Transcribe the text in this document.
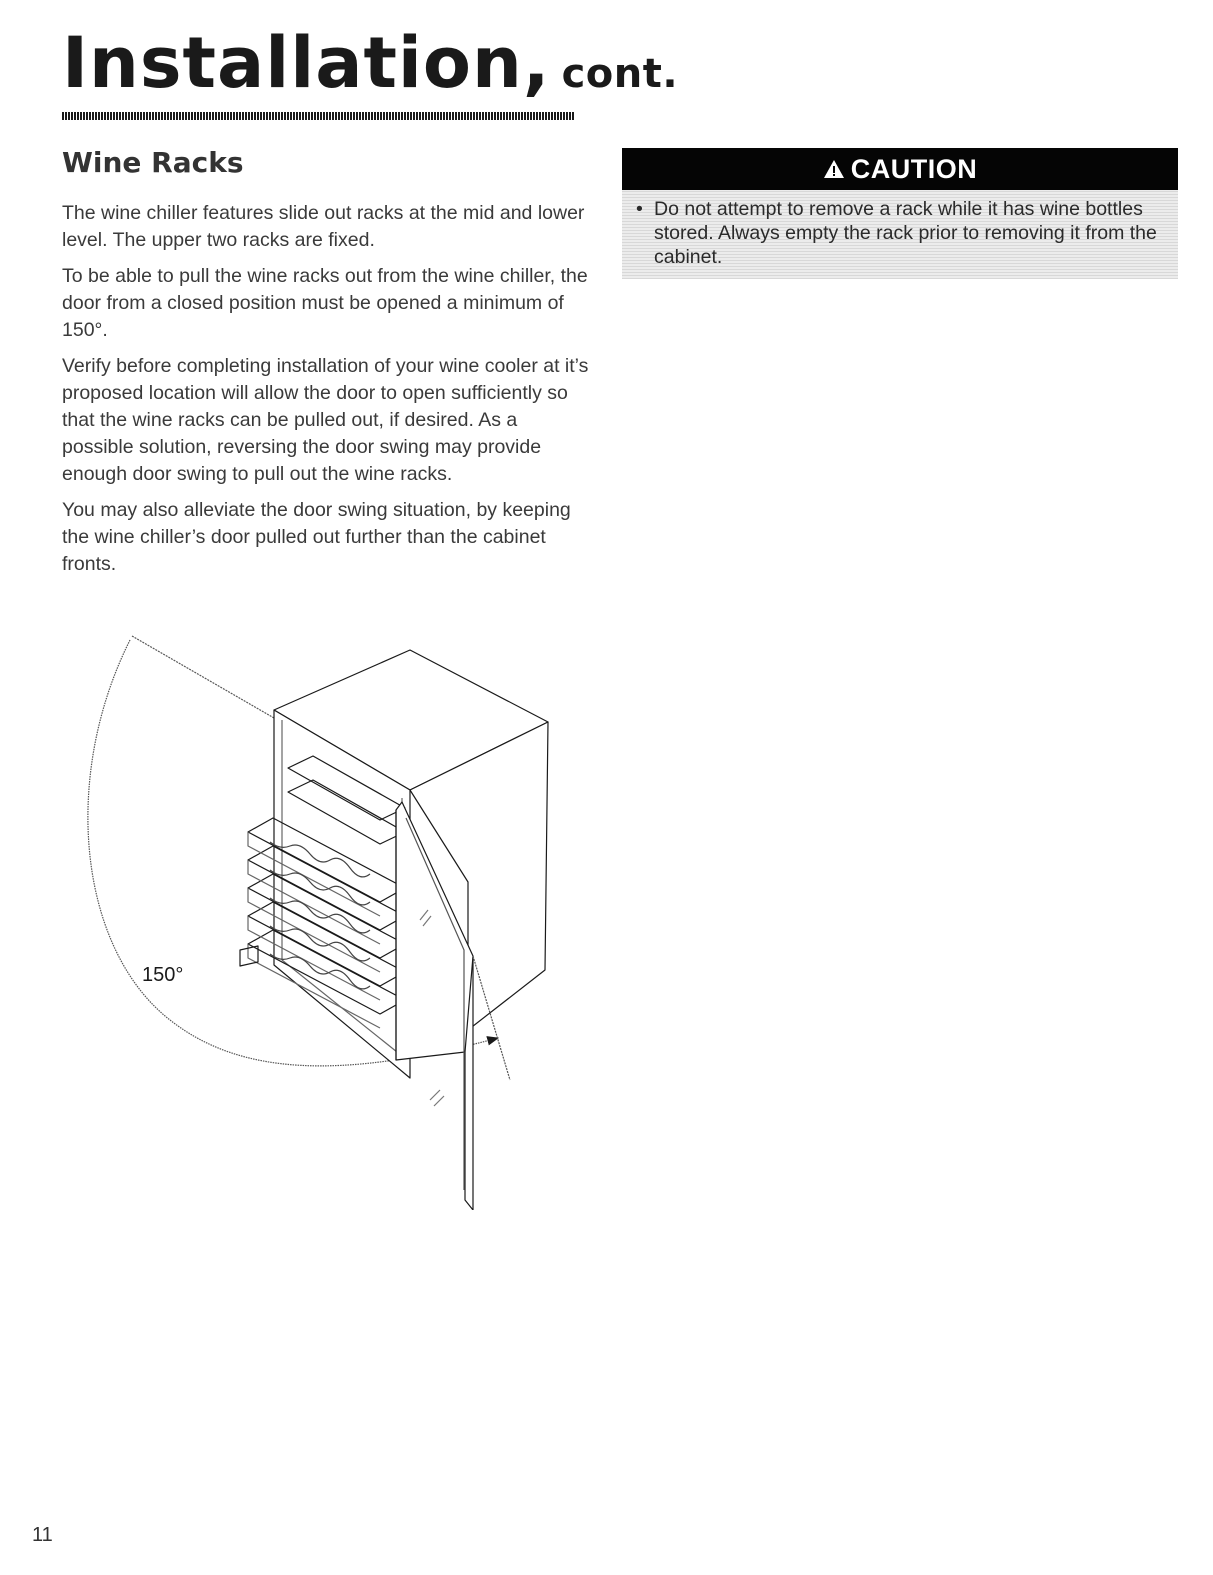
Installation, cont.
Wine Racks

The wine chiller features slide out racks at the mid and lower level. The upper two racks are fixed.

To be able to pull the wine racks out from the wine chiller, the door from a closed position must be opened a minimum of 150°.

Verify before completing installation of your wine cooler at it’s proposed location will allow the door to open sufficiently so that the wine racks can be pulled out, if desired. As a possible solution, reversing the door swing may provide enough door swing to pull out the wine racks.

You may also alleviate the door swing situation, by keeping the wine chiller’s door pulled out further than the cabinet fronts.

150°
CAUTION
• Do not attempt to remove a rack while it has wine bottles stored. Always empty the rack prior to removing it from the cabinet.
11
